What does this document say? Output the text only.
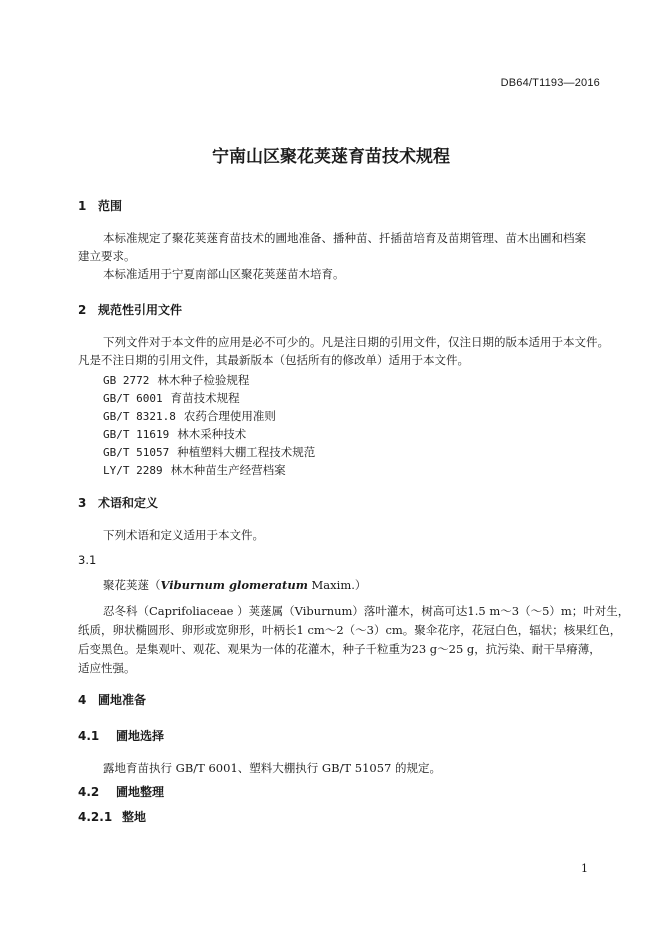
DB64/T1193—2016
宁南山区聚花荚蒾育苗技术规程
1 范围
本标准规定了聚花荚蒾育苗技术的圃地准备、播种苗、扦插苗培育及苗期管理、苗木出圃和档案
建立要求。
本标准适用于宁夏南部山区聚花荚蒾苗木培育。
2 规范性引用文件
下列文件对于本文件的应用是必不可少的。凡是注日期的引用文件，仅注日期的版本适用于本文件。
凡是不注日期的引用文件，其最新版本（包括所有的修改单）适用于本文件。
GB 2772 林木种子检验规程
GB/T 6001 育苗技术规程
GB/T 8321.8 农药合理使用准则
GB/T 11619 林木采种技术
GB/T 51057 种植塑料大棚工程技术规范
LY/T 2289 林木种苗生产经营档案
3 术语和定义
下列术语和定义适用于本文件。
3.1
聚花荚蒾（Viburnum glomeratum Maxim.）
忍冬科（Caprifoliaceae ）荚蒾属（Viburnum）落叶灌木，树高可达1.5 m～3（～5）m；叶对生，
纸质，卵状椭圆形、卵形或宽卵形，叶柄长1 cm～2（～3）cm。聚伞花序，花冠白色，辐状；核果红色，
后变黑色。是集观叶、观花、观果为一体的花灌木，种子千粒重为23 g～25 g，抗污染、耐干旱瘠薄，
适应性强。
4 圃地准备
4.1 圃地选择
露地育苗执行 GB/T 6001、塑料大棚执行 GB/T 51057 的规定。
4.2 圃地整理
4.2.1 整地
1
